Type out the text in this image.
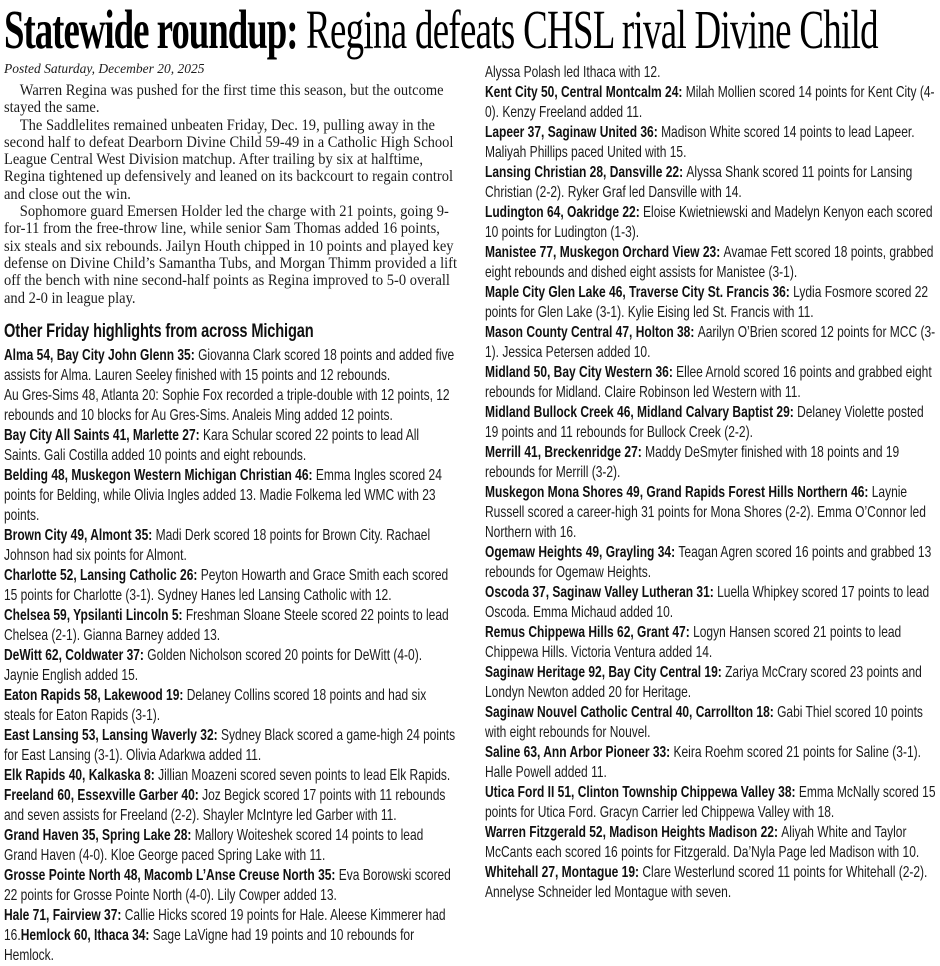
Statewide roundup: Regina defeats CHSL rival Divine Child

Posted Saturday, December 20, 2025

Warren Regina was pushed for the first time this season, but the outcome stayed the same.

The Saddlelites remained unbeaten Friday, Dec. 19, pulling away in the second half to defeat Dearborn Divine Child 59-49 in a Catholic High School League Central West Division matchup. After trailing by six at halftime, Regina tightened up defensively and leaned on its backcourt to regain control and close out the win.

Sophomore guard Emersen Holder led the charge with 21 points, going 9-for-11 from the free-throw line, while senior Sam Thomas added 16 points, six steals and six rebounds. Jailyn Houth chipped in 10 points and played key defense on Divine Child’s Samantha Tubs, and Morgan Thimm provided a lift off the bench with nine second-half points as Regina improved to 5-0 overall and 2-0 in league play.

Other Friday highlights from across Michigan

Alma 54, Bay City John Glenn 35: Giovanna Clark scored 18 points and added five assists for Alma. Lauren Seeley finished with 15 points and 12 rebounds.

Au Gres-Sims 48, Atlanta 20: Sophie Fox recorded a triple-double with 12 points, 12 rebounds and 10 blocks for Au Gres-Sims. Analeis Ming added 12 points.

Bay City All Saints 41, Marlette 27: Kara Schular scored 22 points to lead All Saints. Gali Costilla added 10 points and eight rebounds.

Belding 48, Muskegon Western Michigan Christian 46: Emma Ingles scored 24 points for Belding, while Olivia Ingles added 13. Madie Folkema led WMC with 23 points.

Brown City 49, Almont 35: Madi Derk scored 18 points for Brown City. Rachael Johnson had six points for Almont.

Charlotte 52, Lansing Catholic 26: Peyton Howarth and Grace Smith each scored 15 points for Charlotte (3-1). Sydney Hanes led Lansing Catholic with 12.

Chelsea 59, Ypsilanti Lincoln 5: Freshman Sloane Steele scored 22 points to lead Chelsea (2-1). Gianna Barney added 13.

DeWitt 62, Coldwater 37: Golden Nicholson scored 20 points for DeWitt (4-0). Jaynie English added 15.

Eaton Rapids 58, Lakewood 19: Delaney Collins scored 18 points and had six steals for Eaton Rapids (3-1).

East Lansing 53, Lansing Waverly 32: Sydney Black scored a game-high 24 points for East Lansing (3-1). Olivia Adarkwa added 11.

Elk Rapids 40, Kalkaska 8: Jillian Moazeni scored seven points to lead Elk Rapids.

Freeland 60, Essexville Garber 40: Joz Begick scored 17 points with 11 rebounds and seven assists for Freeland (2-2). Shayler McIntyre led Garber with 11.

Grand Haven 35, Spring Lake 28: Mallory Woiteshek scored 14 points to lead Grand Haven (4-0). Kloe George paced Spring Lake with 11.

Grosse Pointe North 48, Macomb L’Anse Creuse North 35: Eva Borowski scored 22 points for Grosse Pointe North (4-0). Lily Cowper added 13.

Hale 71, Fairview 37: Callie Hicks scored 19 points for Hale. Aleese Kimmerer had 16.Hemlock 60, Ithaca 34: Sage LaVigne had 19 points and 10 rebounds for Hemlock.

Alyssa Polash led Ithaca with 12.

Kent City 50, Central Montcalm 24: Milah Mollien scored 14 points for Kent City (4-0). Kenzy Freeland added 11.

Lapeer 37, Saginaw United 36: Madison White scored 14 points to lead Lapeer. Maliyah Phillips paced United with 15.

Lansing Christian 28, Dansville 22: Alyssa Shank scored 11 points for Lansing Christian (2-2). Ryker Graf led Dansville with 14.

Ludington 64, Oakridge 22: Eloise Kwietniewski and Madelyn Kenyon each scored 10 points for Ludington (1-3).

Manistee 77, Muskegon Orchard View 23: Avamae Fett scored 18 points, grabbed eight rebounds and dished eight assists for Manistee (3-1).

Maple City Glen Lake 46, Traverse City St. Francis 36: Lydia Fosmore scored 22 points for Glen Lake (3-1). Kylie Eising led St. Francis with 11.

Mason County Central 47, Holton 38: Aarilyn O’Brien scored 12 points for MCC (3-1). Jessica Petersen added 10.

Midland 50, Bay City Western 36: Ellee Arnold scored 16 points and grabbed eight rebounds for Midland. Claire Robinson led Western with 11.

Midland Bullock Creek 46, Midland Calvary Baptist 29: Delaney Violette posted 19 points and 11 rebounds for Bullock Creek (2-2).

Merrill 41, Breckenridge 27: Maddy DeSmyter finished with 18 points and 19 rebounds for Merrill (3-2).

Muskegon Mona Shores 49, Grand Rapids Forest Hills Northern 46: Laynie Russell scored a career-high 31 points for Mona Shores (2-2). Emma O’Connor led Northern with 16.

Ogemaw Heights 49, Grayling 34: Teagan Agren scored 16 points and grabbed 13 rebounds for Ogemaw Heights.

Oscoda 37, Saginaw Valley Lutheran 31: Luella Whipkey scored 17 points to lead Oscoda. Emma Michaud added 10.

Remus Chippewa Hills 62, Grant 47: Logyn Hansen scored 21 points to lead Chippewa Hills. Victoria Ventura added 14.

Saginaw Heritage 92, Bay City Central 19: Zariya McCrary scored 23 points and Londyn Newton added 20 for Heritage.

Saginaw Nouvel Catholic Central 40, Carrollton 18: Gabi Thiel scored 10 points with eight rebounds for Nouvel.

Saline 63, Ann Arbor Pioneer 33: Keira Roehm scored 21 points for Saline (3-1). Halle Powell added 11.

Utica Ford II 51, Clinton Township Chippewa Valley 38: Emma McNally scored 15 points for Utica Ford. Gracyn Carrier led Chippewa Valley with 18.

Warren Fitzgerald 52, Madison Heights Madison 22: Aliyah White and Taylor McCants each scored 16 points for Fitzgerald. Da’Nyla Page led Madison with 10.

Whitehall 27, Montague 19: Clare Westerlund scored 11 points for Whitehall (2-2). Annelyse Schneider led Montague with seven.
